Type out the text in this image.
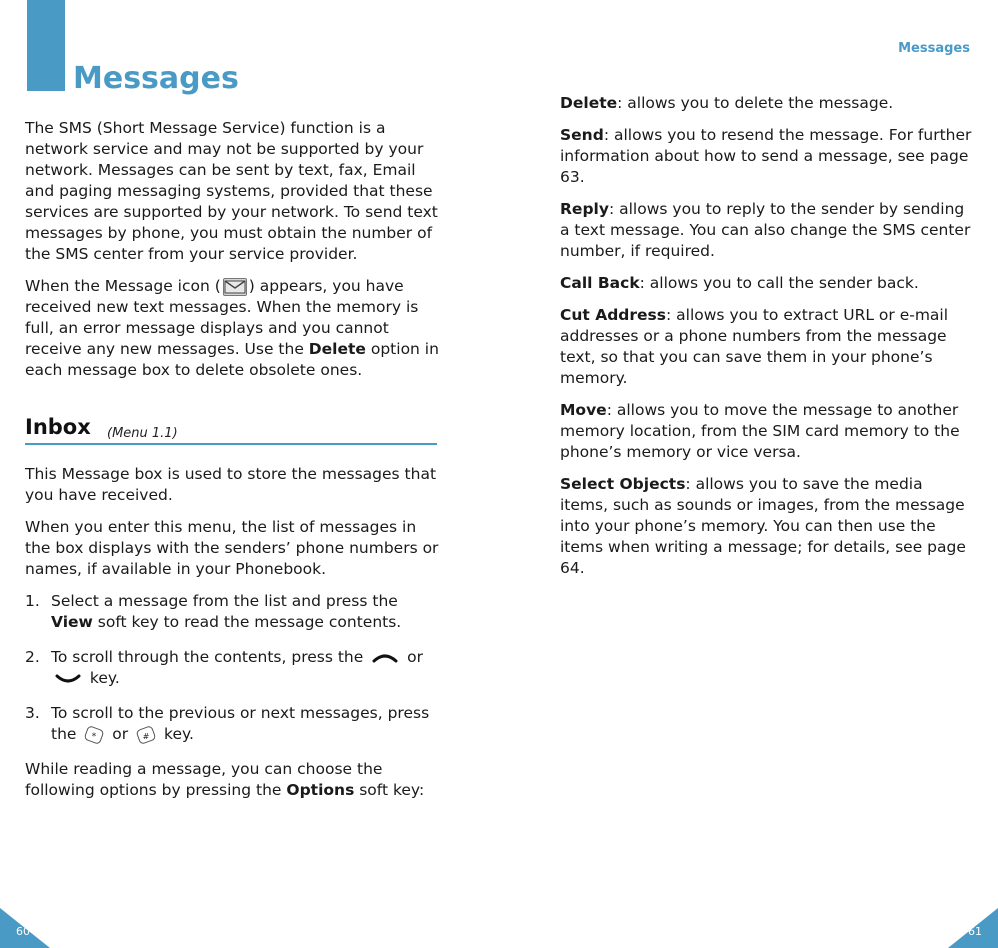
Messages
Messages

The SMS (Short Message Service) function is a network service and may not be supported by your network. Messages can be sent by text, fax, Email and paging messaging systems, provided that these services are supported by your network. To send text messages by phone, you must obtain the number of the SMS center from your service provider.

When the Message icon ( ) appears, you have received new text messages. When the memory is full, an error message displays and you cannot receive any new messages. Use the Delete option in each message box to delete obsolete ones.

Inbox (Menu 1.1)

This Message box is used to store the messages that you have received.

When you enter this menu, the list of messages in the box displays with the senders’ phone numbers or names, if available in your Phonebook.

1. Select a message from the list and press the View soft key to read the message contents.
2. To scroll through the contents, press the  or
key.
3. To scroll to the previous or next messages, press the * or # key.

While reading a message, you can choose the following options by pressing the Options soft key:

Delete: allows you to delete the message.

Send: allows you to resend the message. For further information about how to send a message, see page 63.

Reply: allows you to reply to the sender by sending a text message. You can also change the SMS center number, if required.

Call Back: allows you to call the sender back.

Cut Address: allows you to extract URL or e-mail addresses or a phone numbers from the message text, so that you can save them in your phone’s memory.

Move: allows you to move the message to another memory location, from the SIM card memory to the phone’s memory or vice versa.

Select Objects: allows you to save the media items, such as sounds or images, from the message into your phone’s memory. You can then use the items when writing a message; for details, see page 64.

60	61
